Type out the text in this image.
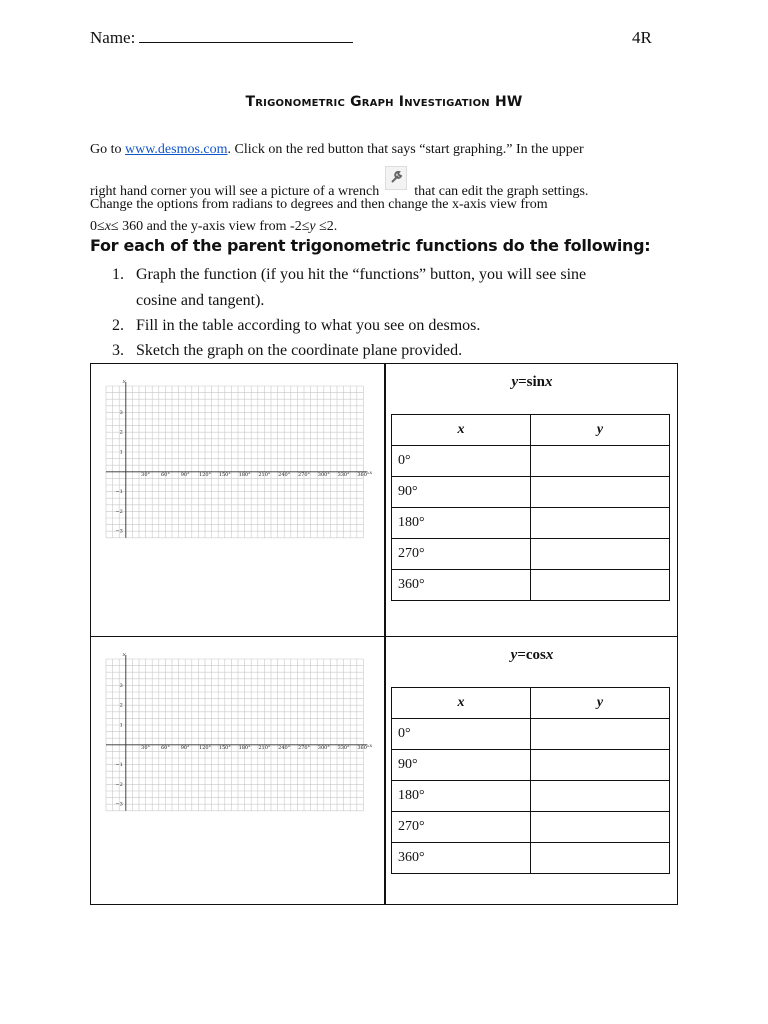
Name:	4R
Trigonometric Graph Investigation HW
Go to www.desmos.com. Click on the red button that says “start graphing.” In the upper
right hand corner you will see a picture of a wrench	that can edit the graph settings.
Change the options from radians to degrees and then change the x-axis view from
0≤x≤ 360 and the y-axis view from -2≤y ≤2.
For each of the parent trigonometric functions do the following:
1. Graph the function (if you hit the “functions” button, you will see sine
cosine and tangent).
2. Fill in the table according to what you see on desmos.
3. Sketch the graph on the coordinate plane provided.
x
y
30° 60° 90° 120° 150° 180° 210° 240° 270° 300° 330° 360°
3
2
1
−1
−2
−3
y=sinx
x	y
0°	
90°	
180°	
270°	
360°	
x
y
30° 60° 90° 120° 150° 180° 210° 240° 270° 300° 330° 360°
3
2
1
−1
−2
−3
y=cosx
x	y
0°	
90°	
180°	
270°	
360°	
